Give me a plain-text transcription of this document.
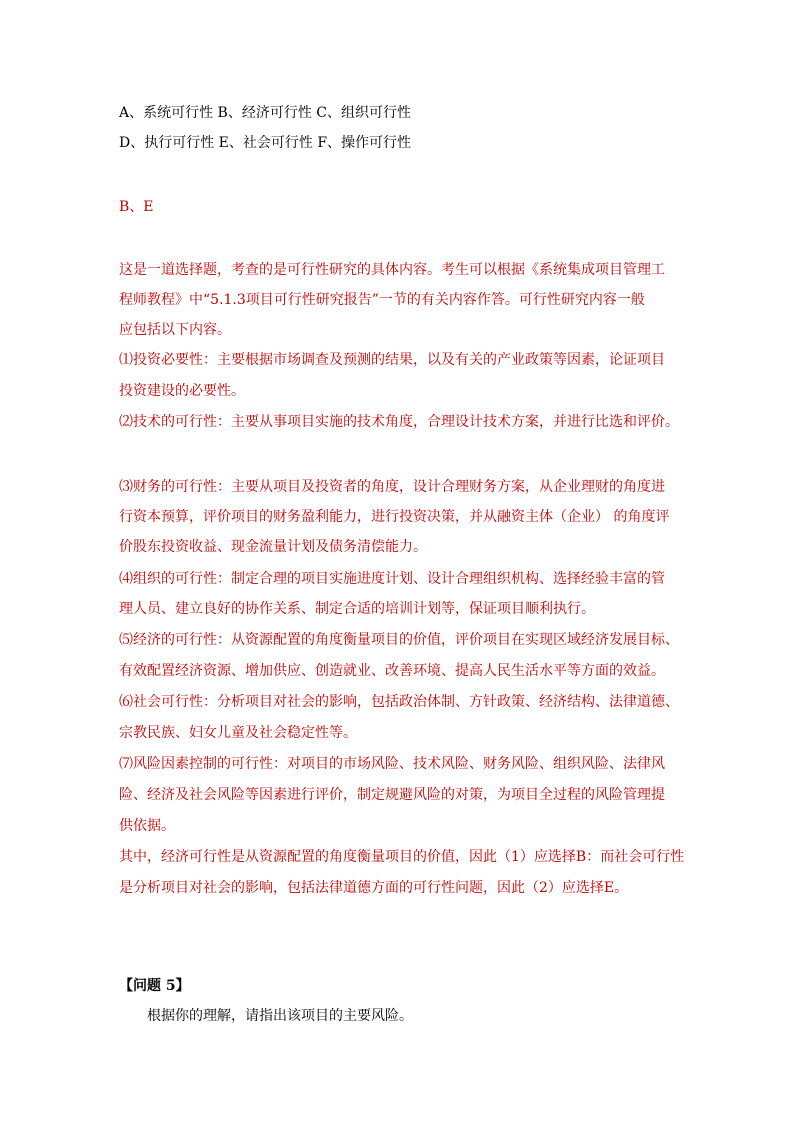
A、系统可行性 B、经济可行性 C、组织可行性
D、执行可行性 E、社会可行性 F、操作可行性
B、E
这是一道选择题，考查的是可行性研究的具体内容。考生可以根据《系统集成项目管理工
程师教程》中“5.1.3项目可行性研究报告”一节的有关内容作答。可行性研究内容一般
应包括以下内容。
⑴投资必要性：主要根据市场调查及预测的结果，以及有关的产业政策等因素，论证项目
投资建设的必要性。
⑵技术的可行性：主要从事项目实施的技术角度，合理设计技术方案，并进行比选和评价。
⑶财务的可行性：主要从项目及投资者的角度，设计合理财务方案，从企业理财的角度进
行资本预算，评价项目的财务盈利能力，进行投资决策，并从融资主体（企业） 的角度评
价股东投资收益、现金流量计划及债务清偿能力。
⑷组织的可行性：制定合理的项目实施进度计划、设计合理组织机构、选择经验丰富的管
理人员、建立良好的协作关系、制定合适的培训计划等，保证项目顺利执行。
⑸经济的可行性：从资源配置的角度衡量项目的价值，评价项目在实现区域经济发展目标、
有效配置经济资源、增加供应、创造就业、改善环境、提高人民生活水平等方面的效益。
⑹社会可行性：分析项目对社会的影响，包括政治体制、方针政策、经济结构、法律道德、
宗教民族、妇女儿童及社会稳定性等。
⑺风险因素控制的可行性：对项目的市场风险、技术风险、财务风险、组织风险、法律风
险、经济及社会风险等因素进行评价，制定规避风险的对策，为项目全过程的风险管理提
供依据。
其中，经济可行性是从资源配置的角度衡量项目的价值，因此（1）应选择B：而社会可行性
是分析项目对社会的影响，包括法律道德方面的可行性问题，因此（2）应选择E。
【问题 5】
根据你的理解，请指出该项目的主要风险。
